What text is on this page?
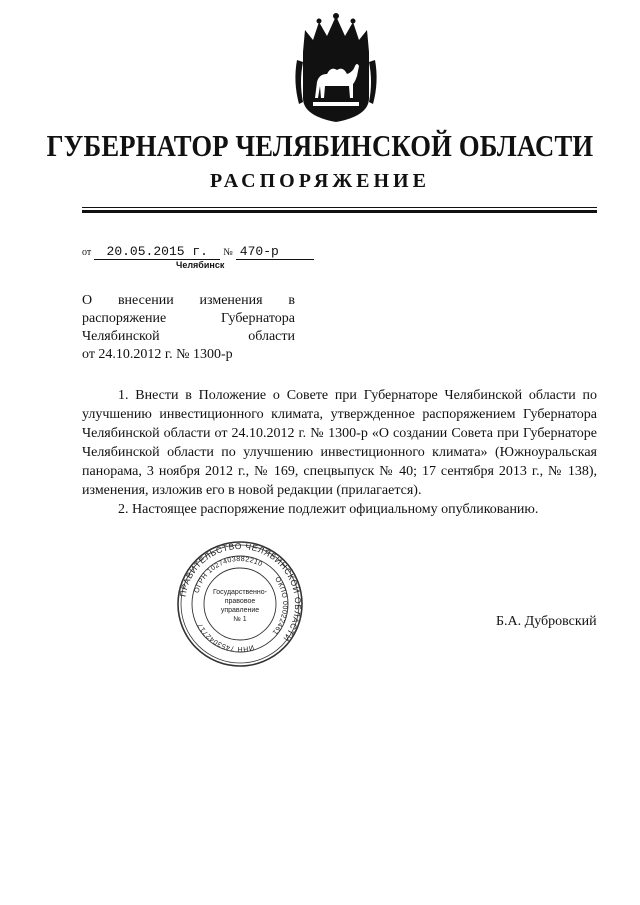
ГУБЕРНАТОР ЧЕЛЯБИНСКОЙ ОБЛАСТИ
РАСПОРЯЖЕНИЕ
от 20.05.2015 г. № 470-р
Челябинск
О внесении изменения в
распоряжение Губернатора
Челябинской области
от 24.10.2012 г. № 1300-р

1. Внести в Положение о Совете при Губернаторе Челябинской области по улучшению инвестиционного климата, утвержденное распоряжением Губернатора Челябинской области от 24.10.2012 г. № 1300-р «О создании Совета при Губернаторе Челябинской области по улучшению инвестиционного климата» (Южноуральская панорама, 3 ноября 2012 г., № 169, спецвыпуск № 40; 17 сентября 2013 г., № 138), изменения, изложив его в новой редакции (прилагается).

2. Настоящее распоряжение подлежит официальному опубликованию.

ПРАВИТЕЛЬСТВО ЧЕЛЯБИНСКОЙ ОБЛАСТИ
ОГРН 1027403882210
ОКПО 00022461
ИНН 7453042717
Государственно-
правовое
управление
№ 1	Б.А. Дубровский
